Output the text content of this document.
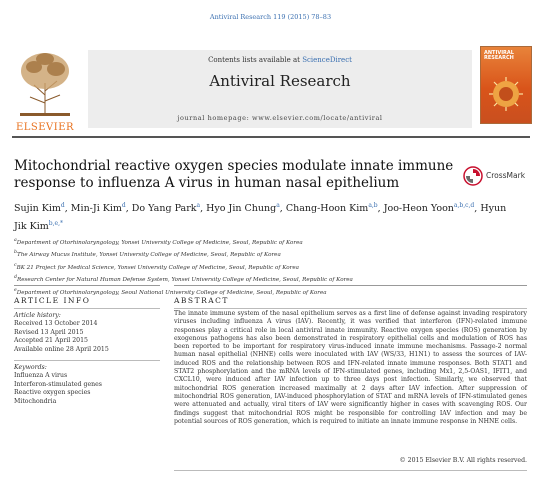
Antiviral Research 119 (2015) 78–83
ELSEVIER
Contents lists available at ScienceDirect
Antiviral Research
journal homepage: www.elsevier.com/locate/antiviral
ANTIVIRAL RESEARCH
Mitochondrial reactive oxygen species modulate innate immune response to influenza A virus in human nasal epithelium	CrossMark
Sujin Kim$^d$, Min-Ji Kim$^d$, Do Yang Park$^a$, Hyo Jin Chung$^a$, Chang-Hoon Kim$^{a,b}$, Joo-Heon Yoon$^{a,b,c,d}$, Hyun Jik Kim$^{b,e,*}$
$^a$Department of Otorhinolaryngology, Yonsei University College of Medicine, Seoul, Republic of Korea
$^b$The Airway Mucus Institute, Yonsei University College of Medicine, Seoul, Republic of Korea
$^c$BK 21 Project for Medical Science, Yonsei University College of Medicine, Seoul, Republic of Korea
$^d$Research Center for Natural Human Defense System, Yonsei University College of Medicine, Seoul, Republic of Korea
$^e$Department of Otorhinolaryngology, Seoul National University College of Medicine, Seoul, Republic of Korea
ARTICLE INFO
Article history:
Received 13 October 2014
Revised 13 April 2015
Accepted 21 April 2015
Available online 28 April 2015
Keywords:
Influenza A virus
Interferon-stimulated genes
Reactive oxygen species
Mitochondria
ABSTRACT
The innate immune system of the nasal epithelium serves as a first line of defense against invading respiratory viruses including influenza A virus (IAV). Recently, it was verified that interferon (IFN)-related immune responses play a critical role in local antiviral innate immunity. Reactive oxygen species (ROS) generation by exogenous pathogens has also been demonstrated in respiratory epithelial cells and modulation of ROS has been reported to be important for respiratory virus-induced innate immune mechanisms. Passage-2 normal human nasal epithelial (NHNE) cells were inoculated with IAV (WS/33, H1N1) to assess the sources of IAV-induced ROS and the relationship between ROS and IFN-related innate immune responses. Both STAT1 and STAT2 phosphorylation and the mRNA levels of IFN-stimulated genes, including Mx1, 2,5-OAS1, IFIT1, and CXCL10, were induced after IAV infection up to three days post infection. Similarly, we observed that mitochondrial ROS generation increased maximally at 2 days after IAV infection. After suppression of mitochondrial ROS generation, IAV-induced phosphorylation of STAT and mRNA levels of IFN-stimulated genes were attenuated and actually, viral titers of IAV were significantly higher in cases with scavenging ROS. Our findings suggest that mitochondrial ROS might be responsible for controlling IAV infection and may be potential sources of ROS generation, which is required to initiate an innate immune response in NHNE cells.
© 2015 Elsevier B.V. All rights reserved.
